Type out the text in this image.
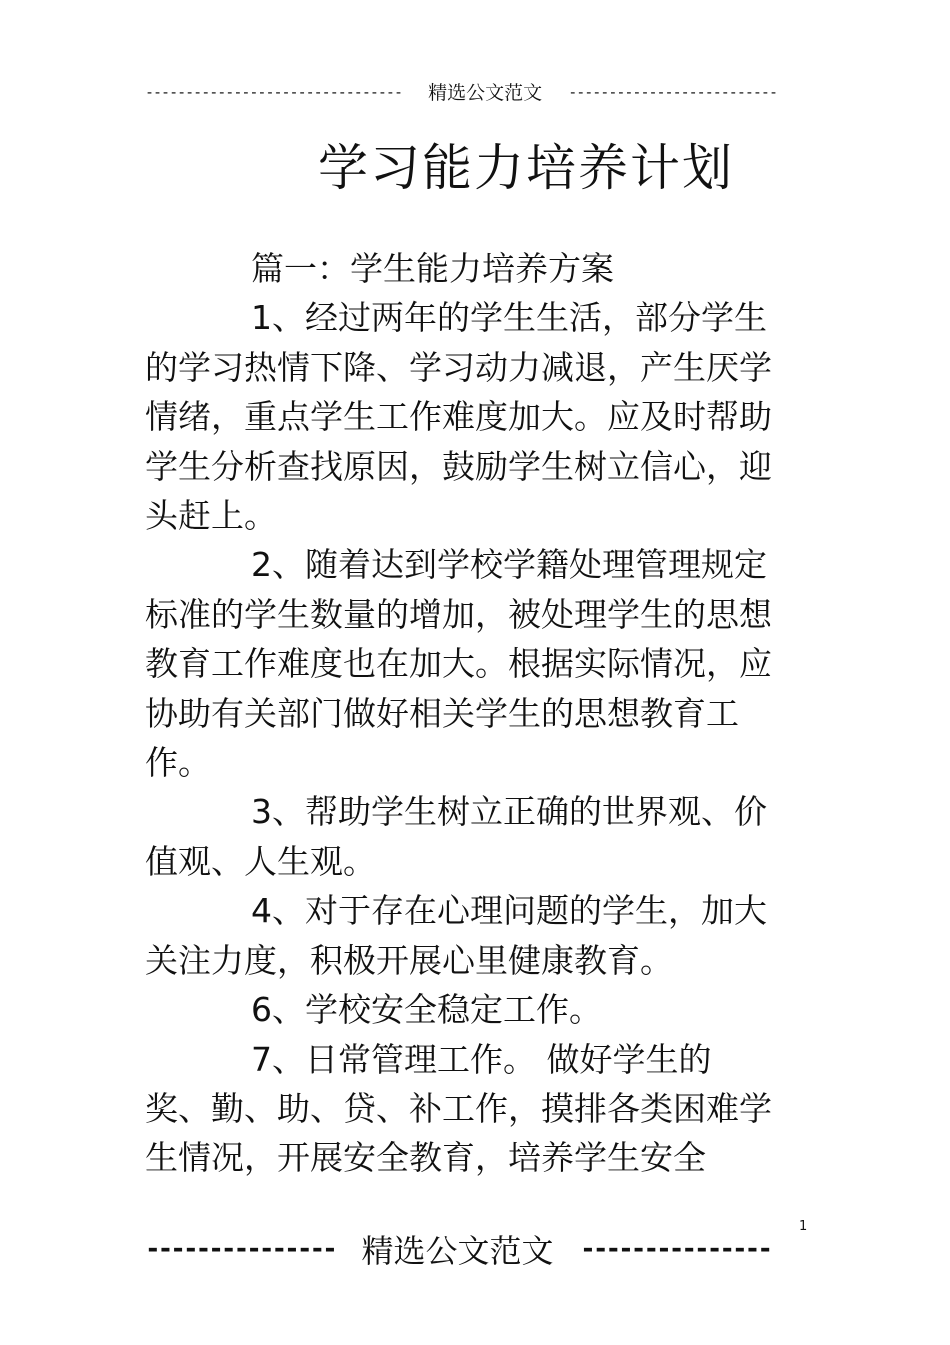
-------------------------------- 精选公文范文 --------------------------
学习能力培养计划

篇一：学生能力培养方案

1、经过两年的学生生活，部分学生的学习热情下降、学习动力减退，产生厌学情绪，重点学生工作难度加大。应及时帮助学生分析查找原因，鼓励学生树立信心，迎头赶上。

2、随着达到学校学籍处理管理规定标准的学生数量的增加，被处理学生的思想教育工作难度也在加大。根据实际情况，应协助有关部门做好相关学生的思想教育工作。

3、帮助学生树立正确的世界观、价值观、人生观。

4、对于存在心理问题的学生，加大关注力度，积极开展心里健康教育。

6、学校安全稳定工作。

7、日常管理工作。 做好学生的奖、勤、助、贷、补工作，摸排各类困难学生情况，开展安全教育，培养学生安全

1
--------------- 精选公文范文 ---------------
